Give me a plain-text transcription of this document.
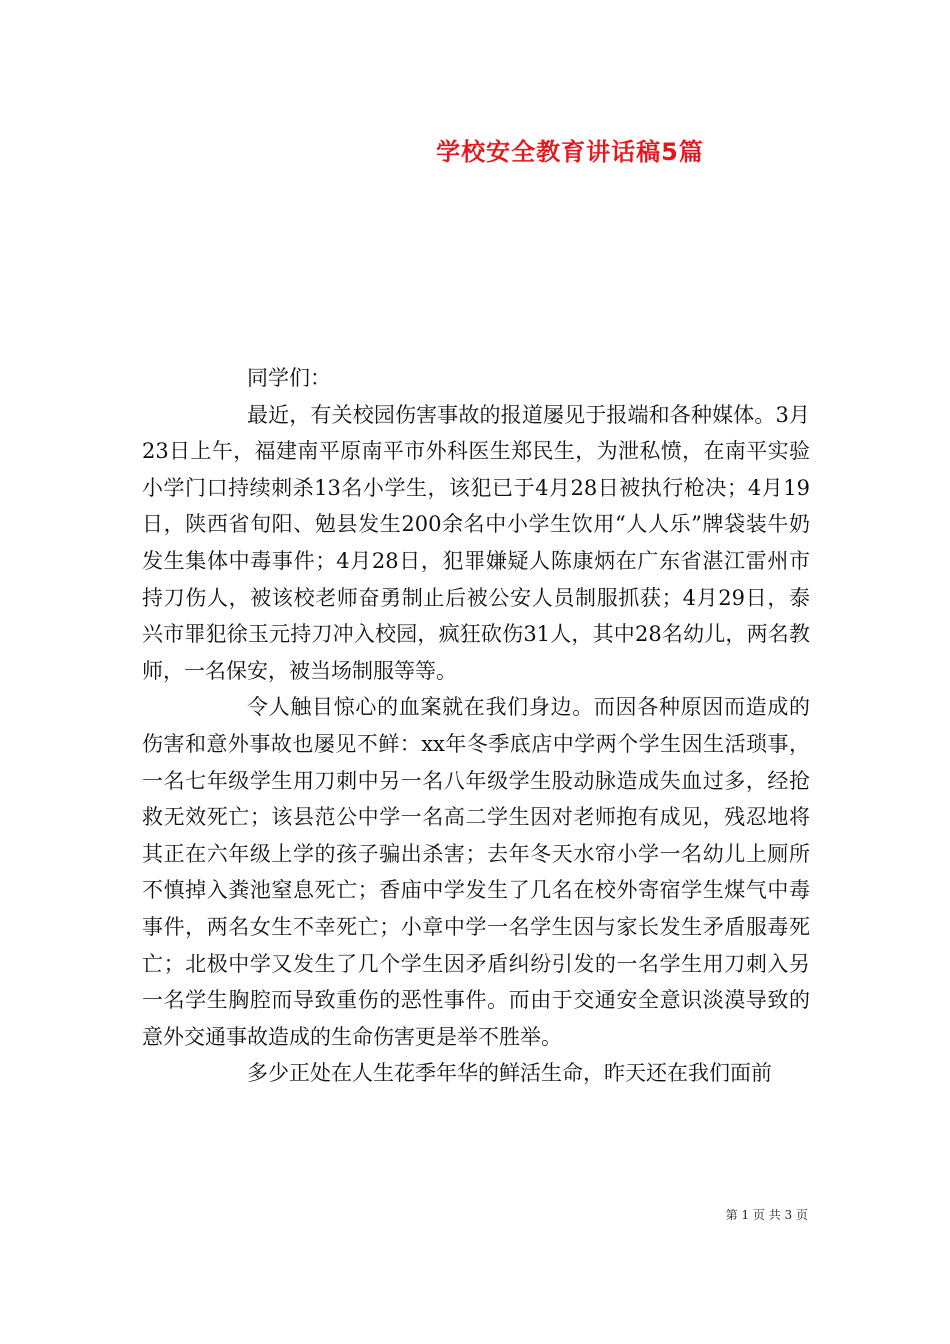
学校安全教育讲话稿5篇

同学们：

最近，有关校园伤害事故的报道屡见于报端和各种媒体。3月23日上午，福建南平原南平市外科医生郑民生，为泄私愤，在南平实验小学门口持续刺杀13名小学生，该犯已于4月28日被执行枪决；4月19日，陕西省旬阳、勉县发生200余名中小学生饮用“人人乐”牌袋装牛奶发生集体中毒事件；4月28日，犯罪嫌疑人陈康炳在广东省湛江雷州市持刀伤人，被该校老师奋勇制止后被公安人员制服抓获；4月29日，泰兴市罪犯徐玉元持刀冲入校园，疯狂砍伤31人，其中28名幼儿，两名教师，一名保安，被当场制服等等。

令人触目惊心的血案就在我们身边。而因各种原因而造成的伤害和意外事故也屡见不鲜：xx年冬季底店中学两个学生因生活琐事，一名七年级学生用刀刺中另一名八年级学生股动脉造成失血过多，经抢救无效死亡；该县范公中学一名高二学生因对老师抱有成见，残忍地将其正在六年级上学的孩子骗出杀害；去年冬天水帘小学一名幼儿上厕所不慎掉入粪池窒息死亡；香庙中学发生了几名在校外寄宿学生煤气中毒事件，两名女生不幸死亡；小章中学一名学生因与家长发生矛盾服毒死亡；北极中学又发生了几个学生因矛盾纠纷引发的一名学生用刀刺入另一名学生胸腔而导致重伤的恶性事件。而由于交通安全意识淡漠导致的意外交通事故造成的生命伤害更是举不胜举。

多少正处在人生花季年华的鲜活生命，昨天还在我们面前

第 1 页 共 3 页
